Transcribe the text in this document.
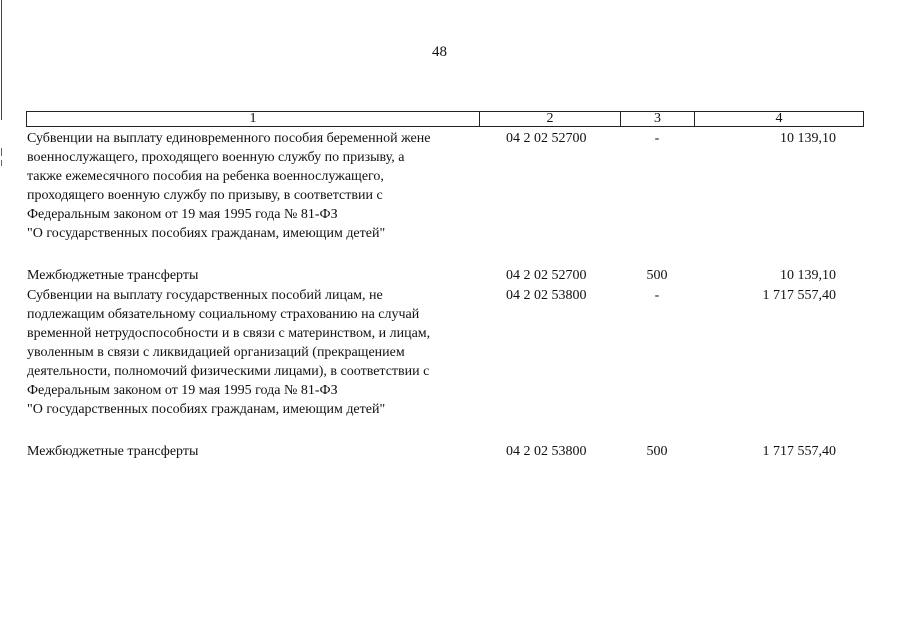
48
1	2	3	4
Субвенции на выплату единовременного пособия беременной жене
военнослужащего, проходящего военную службу по призыву, а
также ежемесячного пособия на ребенка военнослужащего,
проходящего военную службу по призыву, в соответствии с
Федеральным законом от 19 мая 1995 года № 81-ФЗ
"О государственных пособиях гражданам, имеющим детей"
04 2 02 52700	-	10 139,10
Межбюджетные трансферты	04 2 02 52700	500	10 139,10
Субвенции на выплату государственных пособий лицам, не
подлежащим обязательному социальному страхованию на случай
временной нетрудоспособности и в связи с материнством, и лицам,
уволенным в связи с ликвидацией организаций (прекращением
деятельности, полномочий физическими лицами), в соответствии с
Федеральным законом от 19 мая 1995 года № 81-ФЗ
"О государственных пособиях гражданам, имеющим детей"
04 2 02 53800	-	1 717 557,40
Межбюджетные трансферты	04 2 02 53800	500	1 717 557,40
